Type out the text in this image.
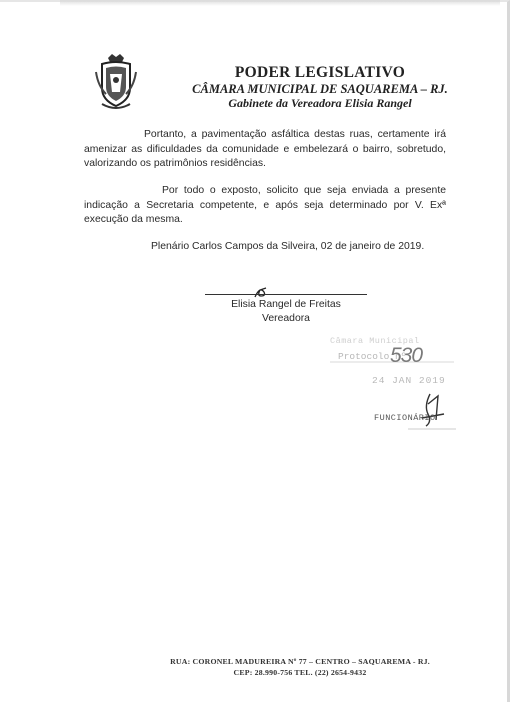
PODER LEGISLATIVO
CÂMARA MUNICIPAL DE SAQUAREMA – RJ.
Gabinete da Vereadora Elisia Rangel
Portanto, a pavimentação asfáltica destas ruas, certamente irá amenizar as dificuldades da comunidade e embelezará o bairro, sobretudo, valorizando os patrimônios residências.
Por todo o exposto, solicito que seja enviada a presente indicação a Secretaria competente, e após seja determinado por V. Exª execução da mesma.
Plenário Carlos Campos da Silveira, 02 de janeiro de 2019.
Elisia Rangel de Freitas
Vereadora
Câmara Municipal
Protocolo nº
530
24 JAN 2019
FUNCIONÁRIO
RUA: CORONEL MADUREIRA Nº 77 – CENTRO – SAQUAREMA - RJ.
CEP: 28.990-756 TEL. (22) 2654-9432
